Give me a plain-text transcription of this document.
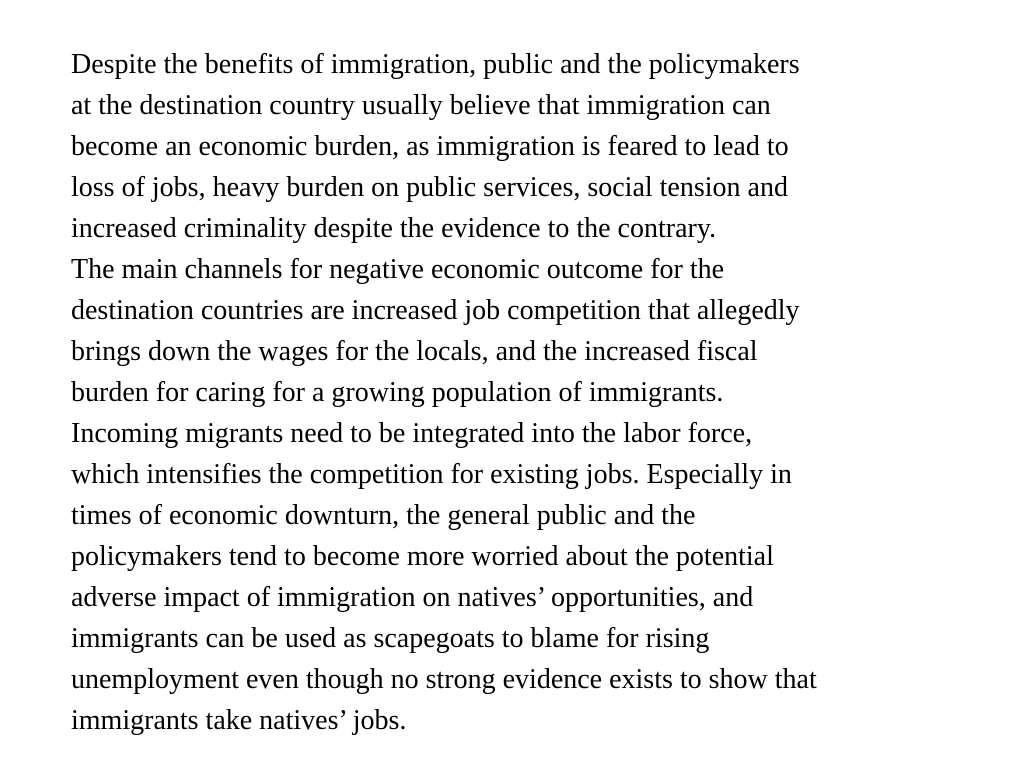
Despite the benefits of immigration, public and the policymakers
at the destination country usually believe that immigration can
become an economic burden, as immigration is feared to lead to
loss of jobs, heavy burden on public services, social tension and
increased criminality despite the evidence to the contrary.
The main channels for negative economic outcome for the
destination countries are increased job competition that allegedly
brings down the wages for the locals, and the increased fiscal
burden for caring for a growing population of immigrants.
Incoming migrants need to be integrated into the labor force,
which intensifies the competition for existing jobs. Especially in
times of economic downturn, the general public and the
policymakers tend to become more worried about the potential
adverse impact of immigration on natives’ opportunities, and
immigrants can be used as scapegoats to blame for rising
unemployment even though no strong evidence exists to show that
immigrants take natives’ jobs.
